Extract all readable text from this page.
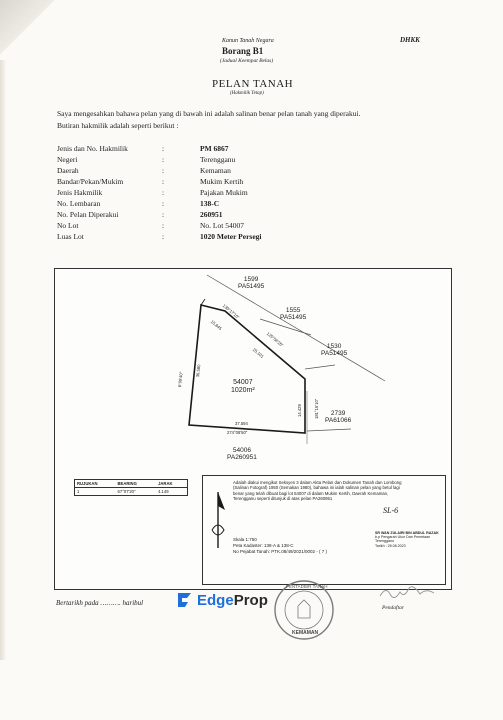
Kanun Tanah Negara	DHKK
Borang B1
(Jadual Keempat Belas)
PELAN TANAH
(Hakmilik Tetap)
Saya mengesahkan bahawa pelan yang di bawah ini adalah salinan benar pelan tanah yang diperakui.
Butiran hakmilik adalah seperti berikut :
Jenis dan No. Hakmilik	:	PM 6867
Negeri	:	Terengganu
Daerah	:	Kemaman
Bandar/Pekan/Mukim	:	Mukim Kertih
Jenis Hakmilik	:	Pajakan Mukim
No. Lembaran	:	138-C
No. Pelan Diperakui	:	260951
No Lot	:	No. Lot 54007
Luas Lot	:	1020 Meter Persegi
1599
PA51495
1555
PA51495
1530
PA51495
2739
PA61066
54006
PA260951
54007
1020m²
130°17'10"
15.845
125°56'20"
25.101
181°16'10"
14.429
274°08'50"
37.594
6°09'40"
36.580
RUJUKAN	BEARING	JARAK
1	67°07'20"	4.149
Adalah diakui mengikut Seksyen 3 dalam Akta Pelan dan Dokumen Tanah dan Lombong (Salinan Fotograf) 1950 (Semakan 1980), bahawa ini ialah salinan pelan yang betul lagi benar yang telah dibuat bagi lot 54007 di dalam Mukim Kertih, Daerah Kemaman, Terengganu seperti ditunjuk di atas pelan PA260951
SL-6
SR WAN ZULAIRI BIN ABDUL RAZAK
b.p Pengarah Ukur Dan Pemetaan
Terengganu
Tarikh : 28.08.2023
Skala 1:750
Peta Kadaster: 138-A & 138-C
No Pejabat Tanah: PTK.08/49/2021/0002 - ( 7 )
Bertarikh pada ………. haribul	Edge Prop
PENTADBIR TANAH
KEMAMAN
Pendaftar
